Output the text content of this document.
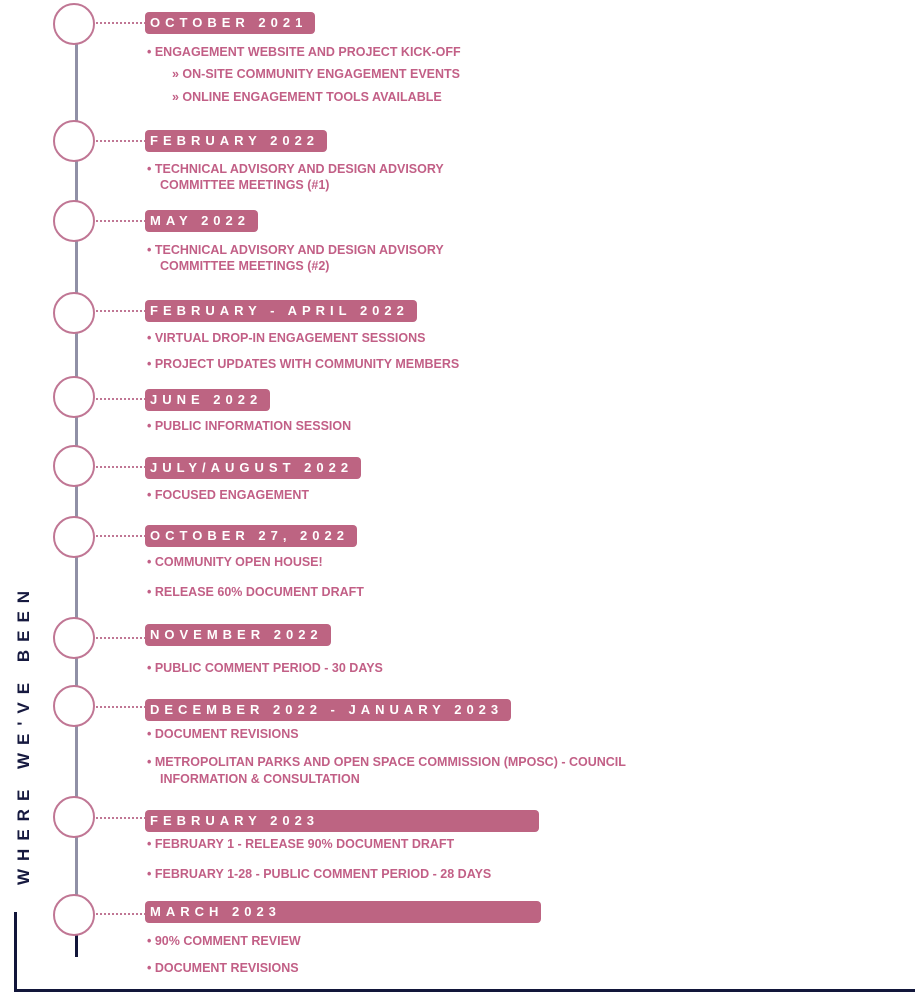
WHERE WE'VE BEEN
OCTOBER 2021
• ENGAGEMENT WEBSITE AND PROJECT KICK-OFF
» ON-SITE COMMUNITY ENGAGEMENT EVENTS
» ONLINE ENGAGEMENT TOOLS AVAILABLE
FEBRUARY 2022
• TECHNICAL ADVISORY AND DESIGN ADVISORY
COMMITTEE MEETINGS (#1)
MAY 2022
• TECHNICAL ADVISORY AND DESIGN ADVISORY
COMMITTEE MEETINGS (#2)
FEBRUARY - APRIL 2022
• VIRTUAL DROP-IN ENGAGEMENT SESSIONS
• PROJECT UPDATES WITH COMMUNITY MEMBERS
JUNE 2022
• PUBLIC INFORMATION SESSION
JULY/AUGUST 2022
• FOCUSED ENGAGEMENT
OCTOBER 27, 2022
• COMMUNITY OPEN HOUSE!
• RELEASE 60% DOCUMENT DRAFT
NOVEMBER 2022
• PUBLIC COMMENT PERIOD - 30 DAYS
DECEMBER 2022 - JANUARY 2023
• DOCUMENT REVISIONS
• METROPOLITAN PARKS AND OPEN SPACE COMMISSION (MPOSC) - COUNCIL
INFORMATION & CONSULTATION
FEBRUARY 2023
• FEBRUARY 1 - RELEASE 90% DOCUMENT DRAFT
• FEBRUARY 1-28 - PUBLIC COMMENT PERIOD - 28 DAYS
MARCH 2023
• 90% COMMENT REVIEW
• DOCUMENT REVISIONS
